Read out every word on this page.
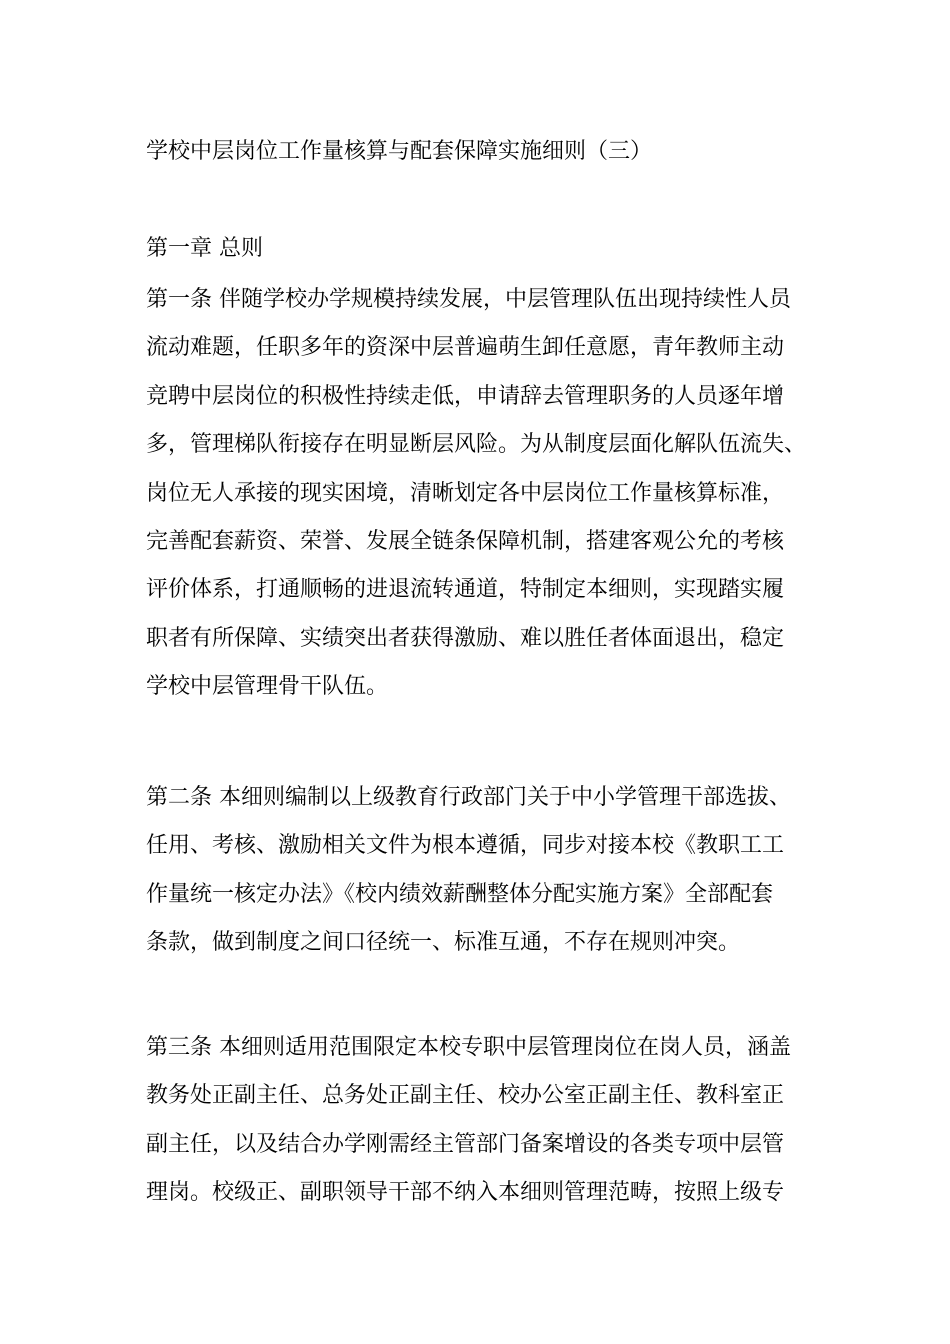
学校中层岗位工作量核算与配套保障实施细则（三）
第一章 总则
第一条 伴随学校办学规模持续发展，中层管理队伍出现持续性人员
流动难题，任职多年的资深中层普遍萌生卸任意愿，青年教师主动
竞聘中层岗位的积极性持续走低，申请辞去管理职务的人员逐年增
多，管理梯队衔接存在明显断层风险。为从制度层面化解队伍流失、
岗位无人承接的现实困境，清晰划定各中层岗位工作量核算标准，
完善配套薪资、荣誉、发展全链条保障机制，搭建客观公允的考核
评价体系，打通顺畅的进退流转通道，特制定本细则，实现踏实履
职者有所保障、实绩突出者获得激励、难以胜任者体面退出，稳定
学校中层管理骨干队伍。
第二条 本细则编制以上级教育行政部门关于中小学管理干部选拔、
任用、考核、激励相关文件为根本遵循，同步对接本校《教职工工
作量统一核定办法》《校内绩效薪酬整体分配实施方案》全部配套
条款，做到制度之间口径统一、标准互通，不存在规则冲突。
第三条 本细则适用范围限定本校专职中层管理岗位在岗人员，涵盖
教务处正副主任、总务处正副主任、校办公室正副主任、教科室正
副主任，以及结合办学刚需经主管部门备案增设的各类专项中层管
理岗。校级正、副职领导干部不纳入本细则管理范畴，按照上级专
